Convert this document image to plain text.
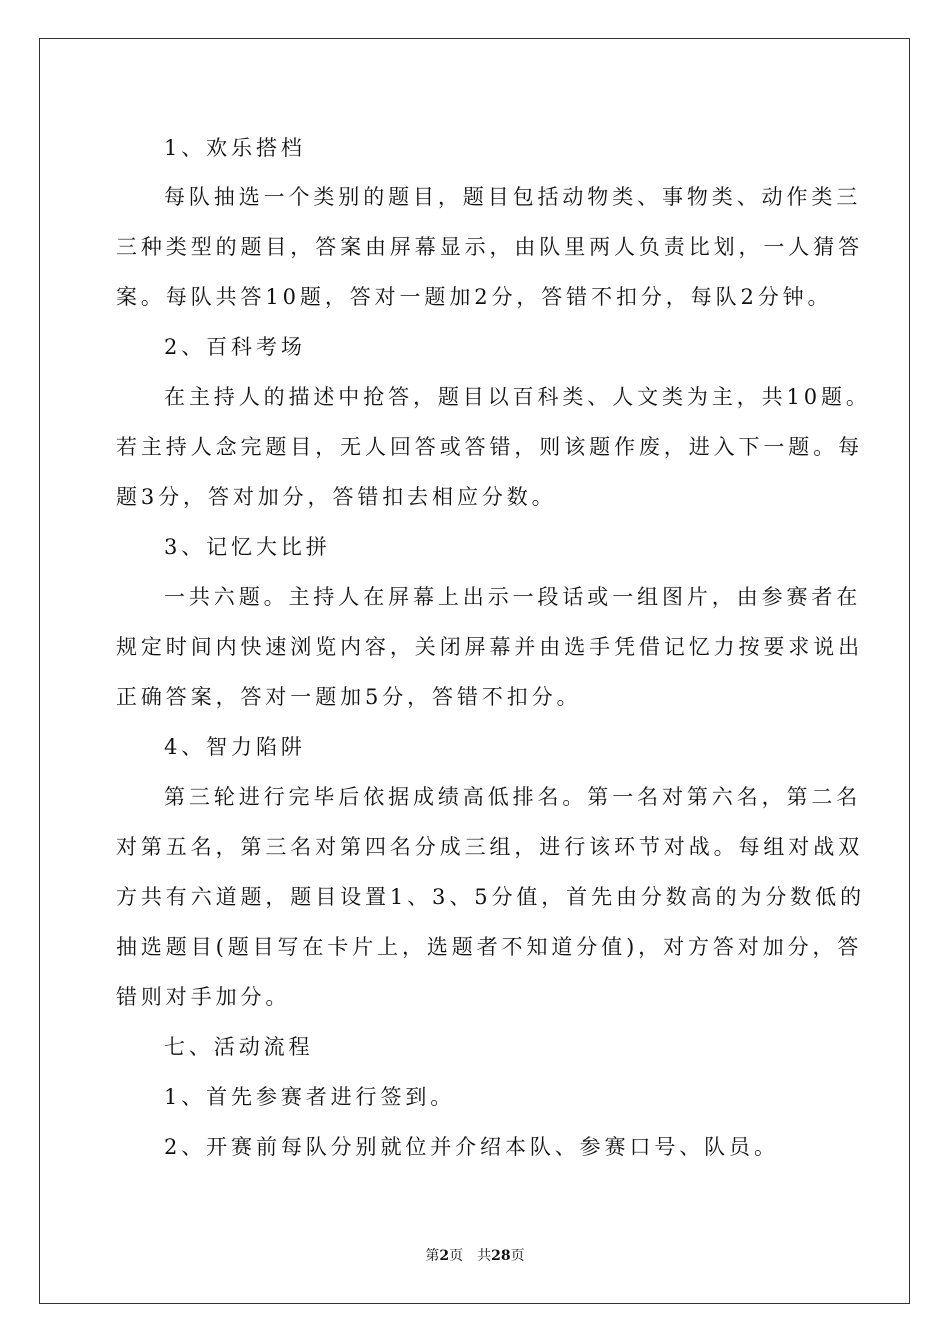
1、欢乐搭档
每队抽选一个类别的题目，题目包括动物类、事物类、动作类三
三种类型的题目，答案由屏幕显示，由队里两人负责比划，一人猜答
案。每队共答10题，答对一题加2分，答错不扣分，每队2分钟。
2、百科考场
在主持人的描述中抢答，题目以百科类、人文类为主，共10题。
若主持人念完题目，无人回答或答错，则该题作废，进入下一题。每
题3分，答对加分，答错扣去相应分数。
3、记忆大比拼
一共六题。主持人在屏幕上出示一段话或一组图片，由参赛者在
规定时间内快速浏览内容，关闭屏幕并由选手凭借记忆力按要求说出
正确答案，答对一题加5分，答错不扣分。
4、智力陷阱
第三轮进行完毕后依据成绩高低排名。第一名对第六名，第二名
对第五名，第三名对第四名分成三组，进行该环节对战。每组对战双
方共有六道题，题目设置1、3、5分值，首先由分数高的为分数低的
抽选题目(题目写在卡片上，选题者不知道分值)，对方答对加分，答
错则对手加分。
七、活动流程
1、首先参赛者进行签到。
2、开赛前每队分别就位并介绍本队、参赛口号、队员。
第2页 共28页
